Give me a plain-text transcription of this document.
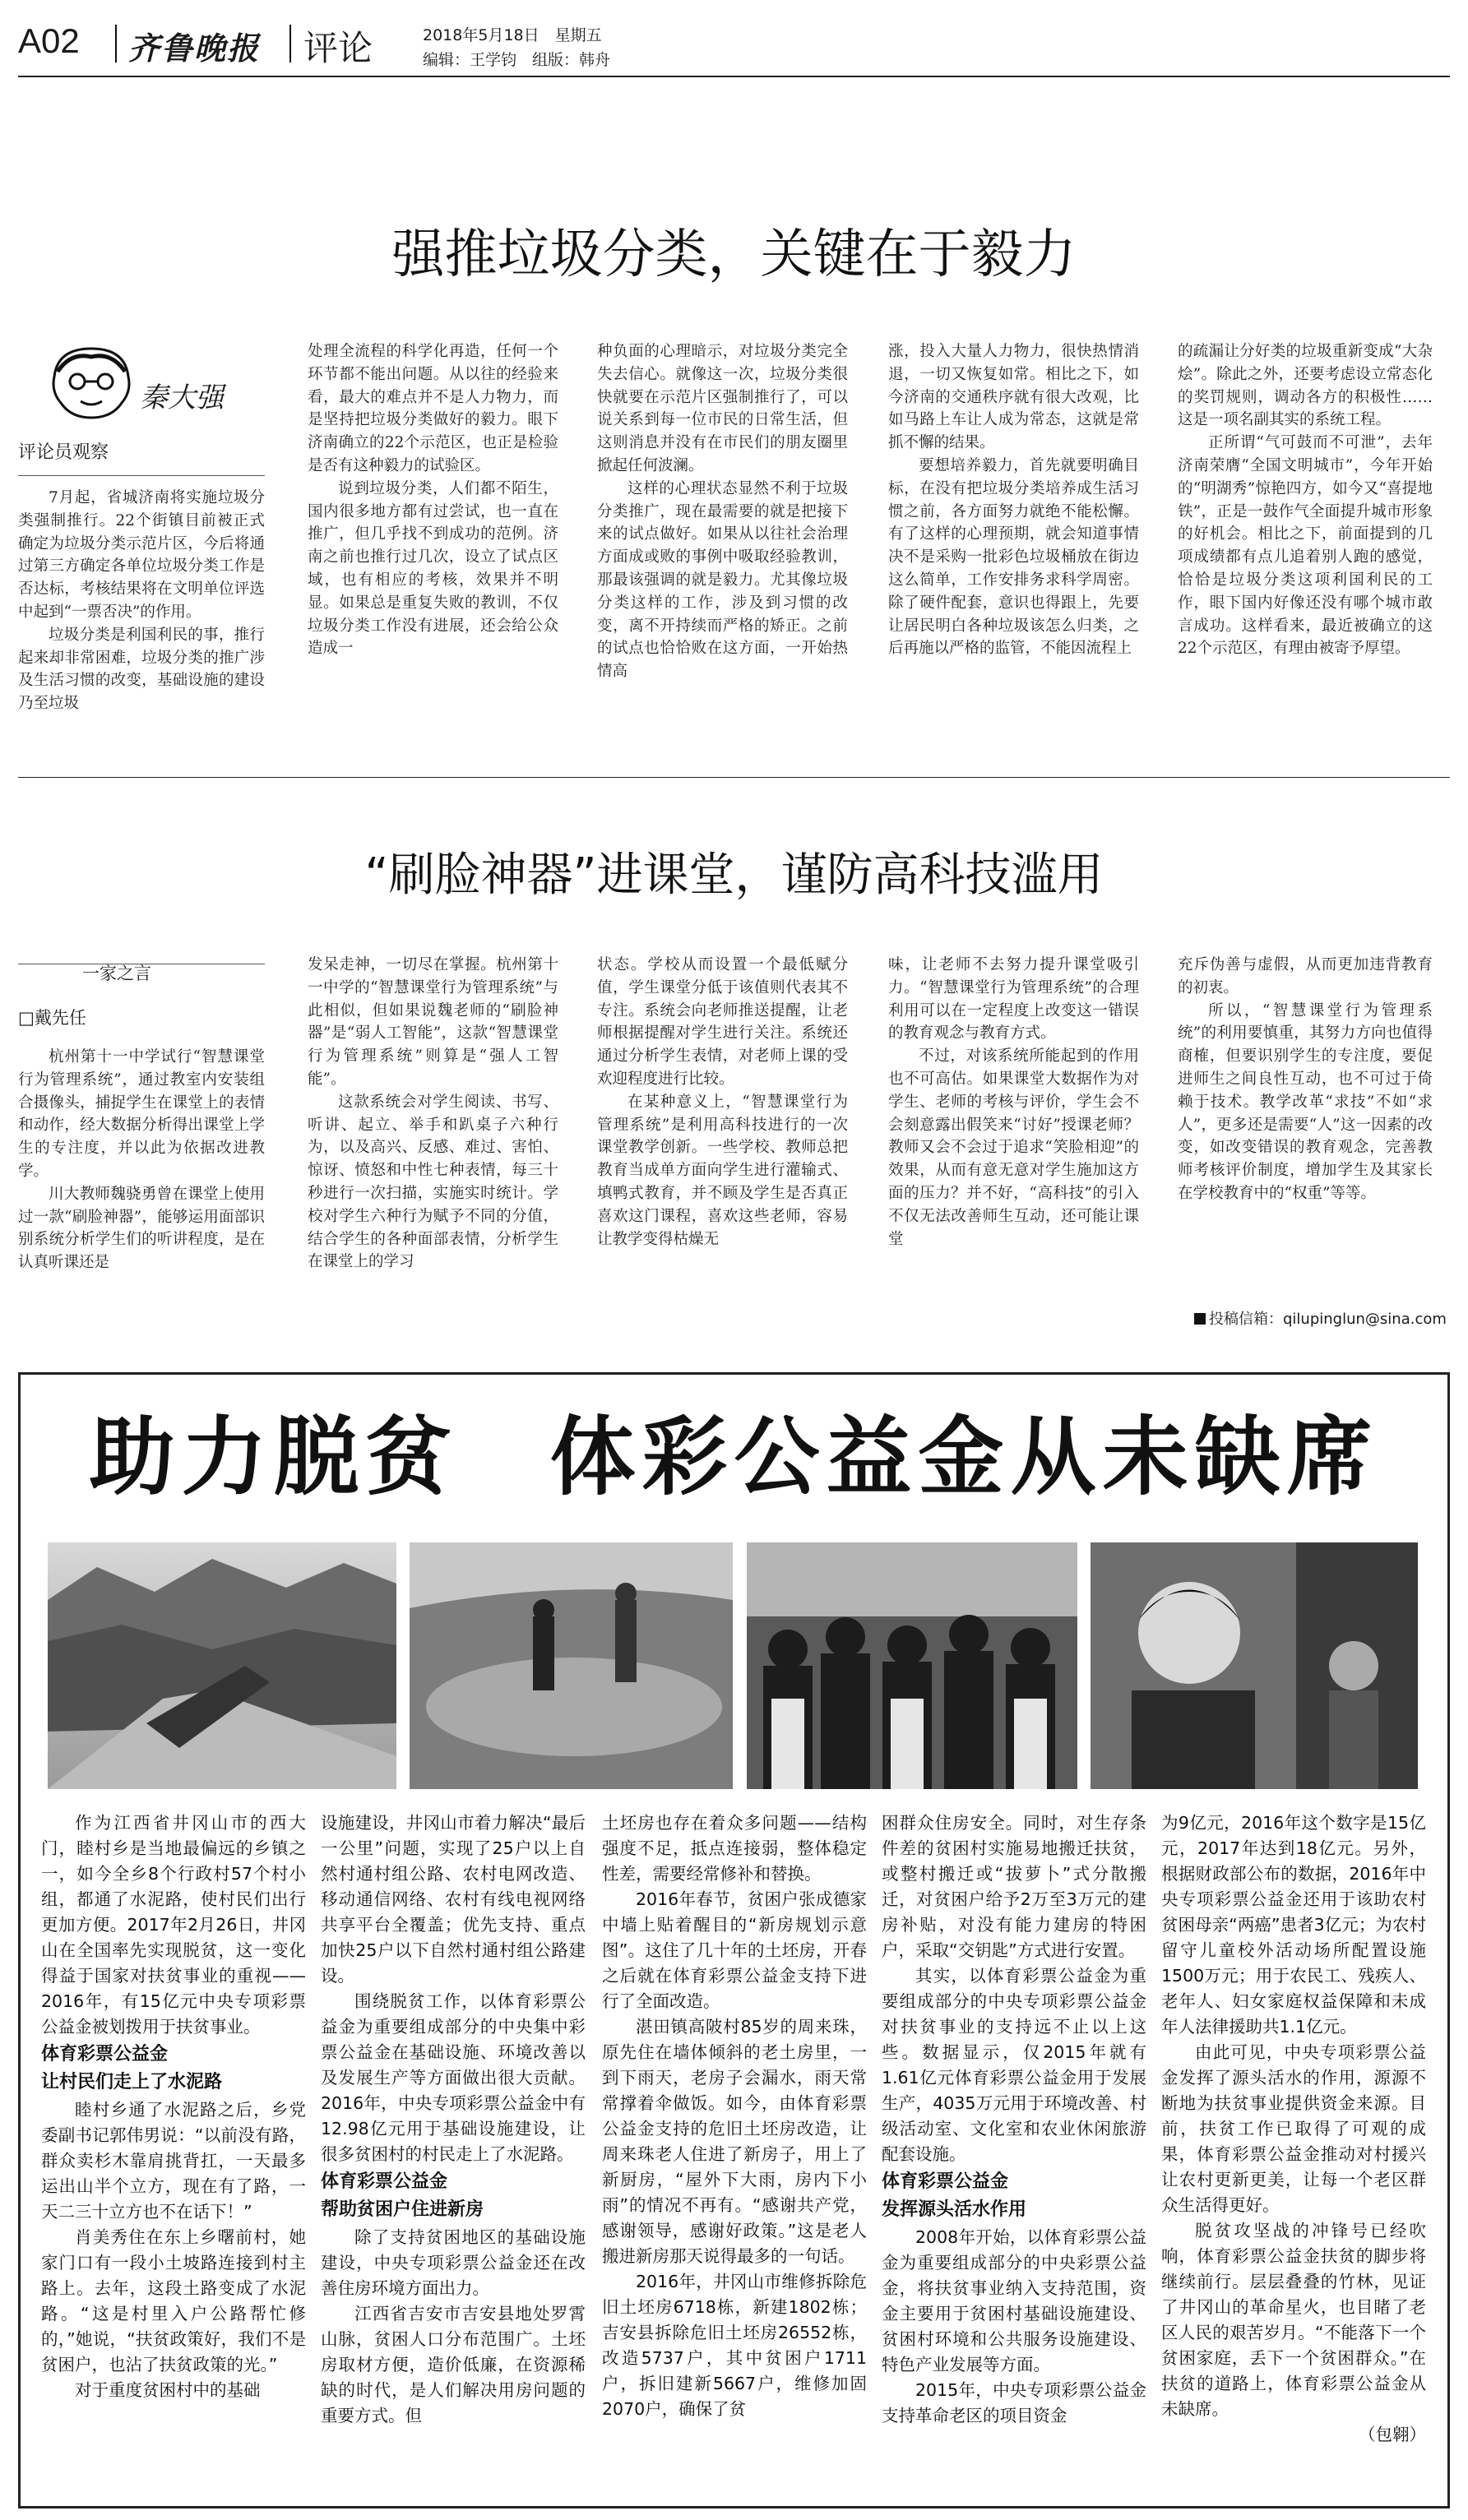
A02 齐鲁晚报 评论	2018年5月18日　星期五
编辑：王学钧　组版：韩舟
强推垃圾分类，关键在于毅力
秦大强
评论员观察

7月起，省城济南将实施垃圾分类强制推行。22个街镇目前被正式确定为垃圾分类示范片区，今后将通过第三方确定各单位垃圾分类工作是否达标，考核结果将在文明单位评选中起到“一票否决”的作用。

垃圾分类是利国利民的事，推行起来却非常困难，垃圾分类的推广涉及生活习惯的改变，基础设施的建设乃至垃圾

处理全流程的科学化再造，任何一个环节都不能出问题。从以往的经验来看，最大的难点并不是人力物力，而是坚持把垃圾分类做好的毅力。眼下济南确立的22个示范区，也正是检验是否有这种毅力的试验区。

说到垃圾分类，人们都不陌生，国内很多地方都有过尝试，也一直在推广，但几乎找不到成功的范例。济南之前也推行过几次，设立了试点区域，也有相应的考核，效果并不明显。如果总是重复失败的教训，不仅垃圾分类工作没有进展，还会给公众造成一

种负面的心理暗示，对垃圾分类完全失去信心。就像这一次，垃圾分类很快就要在示范片区强制推行了，可以说关系到每一位市民的日常生活，但这则消息并没有在市民们的朋友圈里掀起任何波澜。

这样的心理状态显然不利于垃圾分类推广，现在最需要的就是把接下来的试点做好。如果从以往社会治理方面成或败的事例中吸取经验教训，那最该强调的就是毅力。尤其像垃圾分类这样的工作，涉及到习惯的改变，离不开持续而严格的矫正。之前的试点也恰恰败在这方面，一开始热情高

涨，投入大量人力物力，很快热情消退，一切又恢复如常。相比之下，如今济南的交通秩序就有很大改观，比如马路上车让人成为常态，这就是常抓不懈的结果。

要想培养毅力，首先就要明确目标，在没有把垃圾分类培养成生活习惯之前，各方面努力就绝不能松懈。有了这样的心理预期，就会知道事情决不是采购一批彩色垃圾桶放在街边这么简单，工作安排务求科学周密。除了硬件配套，意识也得跟上，先要让居民明白各种垃圾该怎么归类，之后再施以严格的监管，不能因流程上

的疏漏让分好类的垃圾重新变成“大杂烩”。除此之外，还要考虑设立常态化的奖罚规则，调动各方的积极性……这是一项名副其实的系统工程。

正所谓“气可鼓而不可泄”，去年济南荣膺“全国文明城市”，今年开始的“明湖秀”惊艳四方，如今又“喜提地铁”，正是一鼓作气全面提升城市形象的好机会。相比之下，前面提到的几项成绩都有点儿追着别人跑的感觉，恰恰是垃圾分类这项利国利民的工作，眼下国内好像还没有哪个城市敢言成功。这样看来，最近被确立的这22个示范区，有理由被寄予厚望。

“刷脸神器”进课堂，谨防高科技滥用
一家之言
□戴先任

杭州第十一中学试行“智慧课堂行为管理系统”，通过教室内安装组合摄像头，捕捉学生在课堂上的表情和动作，经大数据分析得出课堂上学生的专注度，并以此为依据改进教学。

川大教师魏骁勇曾在课堂上使用过一款“刷脸神器”，能够运用面部识别系统分析学生们的听讲程度，是在认真听课还是

发呆走神，一切尽在掌握。杭州第十一中学的“智慧课堂行为管理系统”与此相似，但如果说魏老师的“刷脸神器”是“弱人工智能”，这款“智慧课堂行为管理系统”则算是“强人工智能”。

这款系统会对学生阅读、书写、听讲、起立、举手和趴桌子六种行为，以及高兴、反感、难过、害怕、惊讶、愤怒和中性七种表情，每三十秒进行一次扫描，实施实时统计。学校对学生六种行为赋予不同的分值，结合学生的各种面部表情，分析学生在课堂上的学习

状态。学校从而设置一个最低赋分值，学生课堂分低于该值则代表其不专注。系统会向老师推送提醒，让老师根据提醒对学生进行关注。系统还通过分析学生表情，对老师上课的受欢迎程度进行比较。

在某种意义上，“智慧课堂行为管理系统”是利用高科技进行的一次课堂教学创新。一些学校、教师总把教育当成单方面向学生进行灌输式、填鸭式教育，并不顾及学生是否真正喜欢这门课程，喜欢这些老师，容易让教学变得枯燥无

味，让老师不去努力提升课堂吸引力。“智慧课堂行为管理系统”的合理利用可以在一定程度上改变这一错误的教育观念与教育方式。

不过，对该系统所能起到的作用也不可高估。如果课堂大数据作为对学生、老师的考核与评价，学生会不会刻意露出假笑来“讨好”授课老师？教师又会不会过于追求“笑脸相迎”的效果，从而有意无意对学生施加这方面的压力？并不好，“高科技”的引入不仅无法改善师生互动，还可能让课堂

充斥伪善与虚假，从而更加违背教育的初衷。

所以，“智慧课堂行为管理系统”的利用要慎重，其努力方向也值得商榷，但要识别学生的专注度，要促进师生之间良性互动，也不可过于倚赖于技术。教学改革“求技”不如“求人”，更多还是需要“人”这一因素的改变，如改变错误的教育观念，完善教师考核评价制度，增加学生及其家长在学校教育中的“权重”等等。

投稿信箱：qilupinglun@sina.com
助力脱贫　体彩公益金从未缺席

作为江西省井冈山市的西大门，睦村乡是当地最偏远的乡镇之一，如今全乡8个行政村57个村小组，都通了水泥路，使村民们出行更加方便。2017年2月26日，井冈山在全国率先实现脱贫，这一变化得益于国家对扶贫事业的重视——2016年，有15亿元中央专项彩票公益金被划拨用于扶贫事业。

体育彩票公益金
让村民们走上了水泥路

睦村乡通了水泥路之后，乡党委副书记郭伟男说：“以前没有路，群众卖杉木靠肩挑背扛，一天最多运出山半个立方，现在有了路，一天二三十立方也不在话下！”

肖美秀住在东上乡曙前村，她家门口有一段小土坡路连接到村主路上。去年，这段土路变成了水泥路。“这是村里入户公路帮忙修的，”她说，“扶贫政策好，我们不是贫困户，也沾了扶贫政策的光。”

对于重度贫困村中的基础

设施建设，井冈山市着力解决“最后一公里”问题，实现了25户以上自然村通村组公路、农村电网改造、移动通信网络、农村有线电视网络共享平台全覆盖；优先支持、重点加快25户以下自然村通村组公路建设。

围绕脱贫工作，以体育彩票公益金为重要组成部分的中央集中彩票公益金在基础设施、环境改善以及发展生产等方面做出很大贡献。2016年，中央专项彩票公益金中有12.98亿元用于基础设施建设，让很多贫困村的村民走上了水泥路。

体育彩票公益金
帮助贫困户住进新房

除了支持贫困地区的基础设施建设，中央专项彩票公益金还在改善住房环境方面出力。

江西省吉安市吉安县地处罗霄山脉，贫困人口分布范围广。土坯房取材方便，造价低廉，在资源稀缺的时代，是人们解决用房问题的重要方式。但

土坯房也存在着众多问题——结构强度不足，抵点连接弱，整体稳定性差，需要经常修补和替换。

2016年春节，贫困户张成德家中墙上贴着醒目的“新房规划示意图”。这住了几十年的土坯房，开春之后就在体育彩票公益金支持下进行了全面改造。

湛田镇高陂村85岁的周来珠，原先住在墙体倾斜的老土房里，一到下雨天，老房子会漏水，雨天常常撑着伞做饭。如今，由体育彩票公益金支持的危旧土坯房改造，让周来珠老人住进了新房子，用上了新厨房，“屋外下大雨，房内下小雨”的情况不再有。“感谢共产党，感谢领导，感谢好政策。”这是老人搬进新房那天说得最多的一句话。

2016年，井冈山市维修拆除危旧土坯房6718栋，新建1802栋；吉安县拆除危旧土坯房26552栋，改造5737户，其中贫困户1711户，拆旧建新5667户，维修加固2070户，确保了贫

困群众住房安全。同时，对生存条件差的贫困村实施易地搬迁扶贫，或整村搬迁或“拔萝卜”式分散搬迁，对贫困户给予2万至3万元的建房补贴，对没有能力建房的特困户，采取“交钥匙”方式进行安置。

其实，以体育彩票公益金为重要组成部分的中央专项彩票公益金对扶贫事业的支持远不止以上这些。数据显示，仅2015年就有1.61亿元体育彩票公益金用于发展生产，4035万元用于环境改善、村级活动室、文化室和农业休闲旅游配套设施。

体育彩票公益金
发挥源头活水作用

2008年开始，以体育彩票公益金为重要组成部分的中央彩票公益金，将扶贫事业纳入支持范围，资金主要用于贫困村基础设施建设、贫困村环境和公共服务设施建设、特色产业发展等方面。

2015年，中央专项彩票公益金支持革命老区的项目资金

为9亿元，2016年这个数字是15亿元，2017年达到18亿元。另外，根据财政部公布的数据，2016年中央专项彩票公益金还用于该助农村贫困母亲“两癌”患者3亿元；为农村留守儿童校外活动场所配置设施1500万元；用于农民工、残疾人、老年人、妇女家庭权益保障和未成年人法律援助共1.1亿元。

由此可见，中央专项彩票公益金发挥了源头活水的作用，源源不断地为扶贫事业提供资金来源。目前，扶贫工作已取得了可观的成果，体育彩票公益金推动对村援兴让农村更新更美，让每一个老区群众生活得更好。

脱贫攻坚战的冲锋号已经吹响，体育彩票公益金扶贫的脚步将继续前行。层层叠叠的竹林，见证了井冈山的革命星火，也目睹了老区人民的艰苦岁月。“不能落下一个贫困家庭，丢下一个贫困群众。”在扶贫的道路上，体育彩票公益金从未缺席。

（包翱）
